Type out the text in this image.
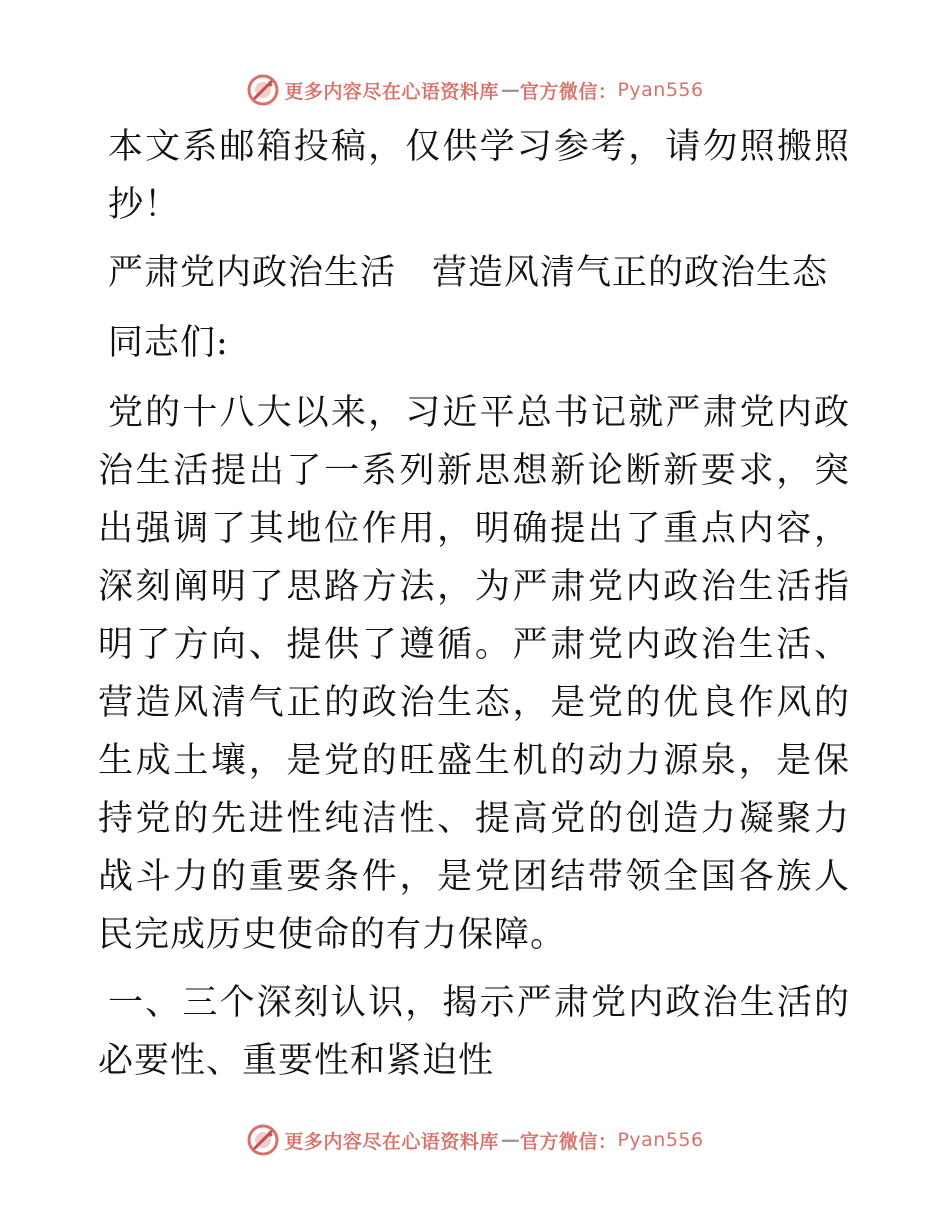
更多内容尽在心语资料库 — 官方微信： Pyan556

本文系邮箱投稿，仅供学习参考，请勿照搬照抄！

严肃党内政治生活　营造风清气正的政治生态

同志们:

党的十八大以来，习近平总书记就严肃党内政治生活提出了一系列新思想新论断新要求，突出强调了其地位作用，明确提出了重点内容，深刻阐明了思路方法，为严肃党内政治生活指明了方向、提供了遵循。严肃党内政治生活、营造风清气正的政治生态，是党的优良作风的生成土壤，是党的旺盛生机的动力源泉，是保持党的先进性纯洁性、提高党的创造力凝聚力战斗力的重要条件，是党团结带领全国各族人民完成历史使命的有力保障。

一、三个深刻认识，揭示严肃党内政治生活的必要性、重要性和紧迫性

更多内容尽在心语资料库 — 官方微信： Pyan556
